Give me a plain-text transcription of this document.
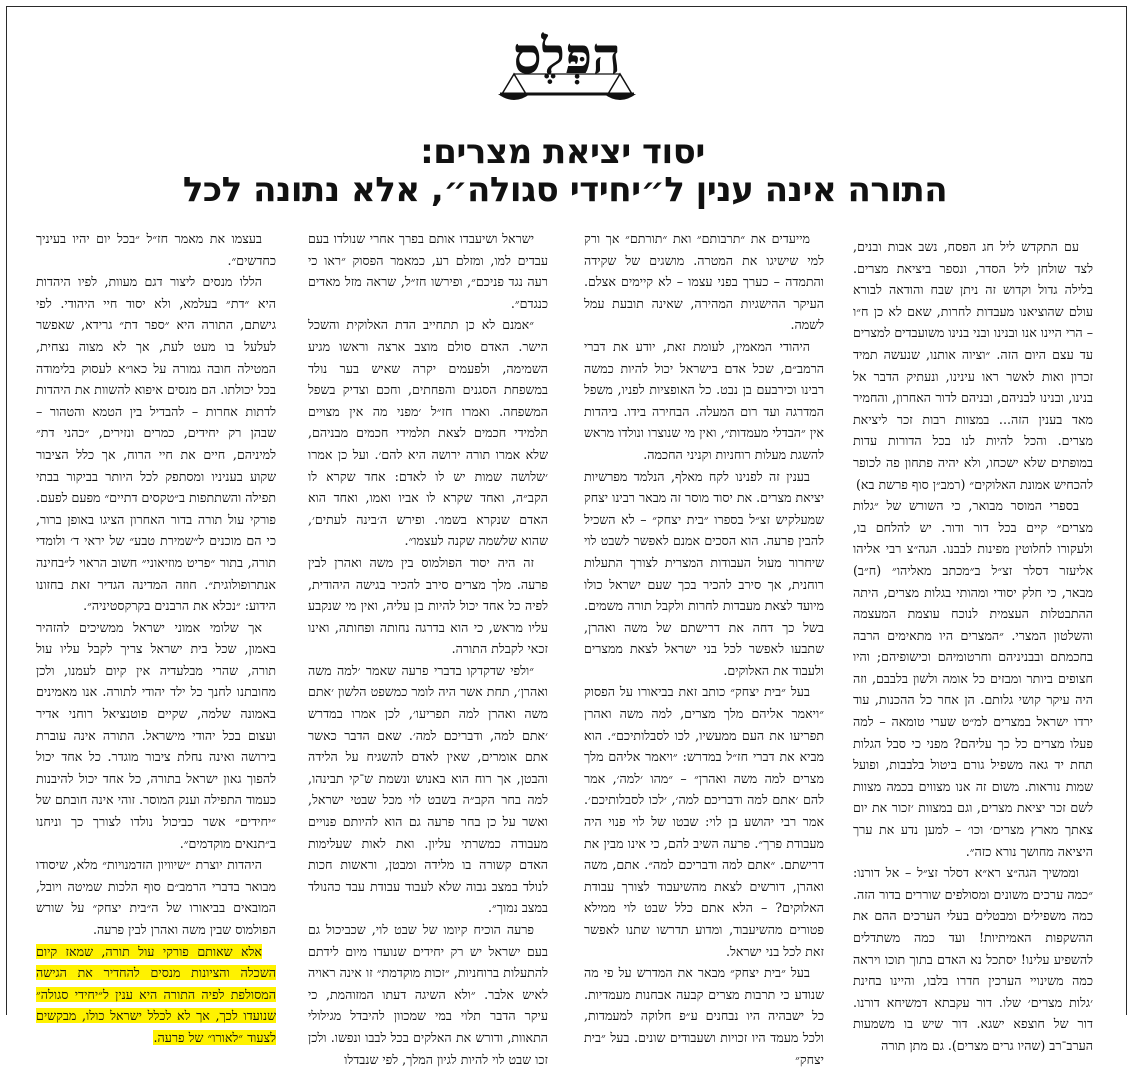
הפְּלֶס
יסוד יציאת מצרים:
התורה אינה ענין ל״יחידי סגולה״, אלא נתונה לכל

עם התקדש ליל חג הפסח, נשב אבות ובנים, לצד שולחן ליל הסדר, ונספר ביציאת מצרים. בלילה גדול וקדוש זה ניתן שבח והודאה לבורא עולם שהוציאנו מעבדות לחרות, שאם לא כן ח״ו – הרי היינו אנו ובנינו ובני בנינו משועבדים למצרים עד עצם היום הזה. ״וציוה אותנו, שנעשה תמיד זכרון ואות לאשר ראו עינינו, ונעתיק הדבר אל בנינו, ובנינו לבניהם, ובניהם לדור האחרון, והחמיר מאד בענין הזה... במצוות רבות זכר ליציאת מצרים. והכל להיות לנו בכל הדורות עדות במופתים שלא ישכחו, ולא יהיה פתחון פה לכופר להכחיש אמונת האלוקים״ (רמב״ן סוף פרשת בא)

בספרי המוסר מבואר, כי השורש של ״גלות מצרים״ קיים בכל דור ודור. יש להלחם בו, ולעקורו לחלוטין מפינות לבבנו. הגה״צ רבי אליהו אליעזר דסלר זצ״ל ב״מכתב מאליהו״ (ח״ב) מבאר, כי חלק יסודי ומהותי בגלות מצרים, היתה ההתבטלות העצמית לנוכח עוצמת המעצמה והשלטון המצרי. ״המצרים היו מתאימים הרבה בחכמתם ובבניניהם וחרטומיהם וכישופיהם; והיו חצופים ביותר ומבזים כל אומה ולשון בלבבם, וזה היה עיקר קושי גלותם. הן אחר כל ההכנות, עוד ירדו ישראל במצרים למ״ט שערי טומאה – למה פעלו מצרים כל כך עליהם? מפני כי סבל הגלות תחת יד גאה משפיל גורם ביטול בלבבות, ופועל שמות נוראות. משום זה אנו מצווים בכמה מצוות לשם זכר יציאת מצרים, וגם במצוות ׳זכור את יום צאתך מארץ מצרים׳ וכו׳ – למען נדע את ערך היציאה מחושך נורא כזה״.

וממשיך הגה״צ רא״א דסלר זצ״ל – אל דורנו: ״כמה ערכים משונים ומסולפים שוררים בדור הזה. כמה משפילים ומבטלים בעלי הערכים ההם את ההשקפות האמיתיות! ועד כמה משתדלים להשפיע עלינו! יסתכל נא האדם בתוך תוכו ויראה כמה משינויי הערכין חדרו בלבו, והיינו בחינת ׳גלות מצרים׳ שלו. דור עקבתא דמשיחא דורנו. דור של חוצפא ישגא. דור שיש בו משמעות הערב־רב (שהיו גרים מצרים). גם מתן תורה

מייעדים את ״תרבותם״ ואת ״תורתם״ אך ורק למי שישיגו את המטרה. מושגים של שקידה והתמדה – כערך בפני עצמו – לא קיימים אצלם. העיקר ההישגיות המהירה, שאינה תובעת עמל לשמה.

היהודי המאמין, לעומת זאת, יודע את דברי הרמב״ם, שכל אדם בישראל יכול להיות כמשה רבינו וכירבעם בן נבט. כל האופציות לפניו, משפל המדרגה ועד רום המעלה. הבחירה בידו. ביהדות אין ״הבדלי מעמדות״, ואין מי שנוצרו ונולדו מראש להשגת מעלות רוחניות וקניני החכמה.

בענין זה לפנינו לקח מאלף, הנלמד מפרשיות יציאת מצרים. את יסוד מוסר זה מבאר רבינו יצחק שמעלקיש זצ״ל בספרו ״בית יצחק״ – לא השכיל להבין פרעה. הוא הסכים אמנם לאפשר לשבט לוי שיחרור מעול העבודות המצרית לצורך התעלות רוחנית, אך סירב להכיר בכך שעם ישראל כולו מיועד לצאת מעבדות לחרות ולקבל תורה משמים. בשל כך דחה את דרישתם של משה ואהרן, שתבעו לאפשר לכל בני ישראל לצאת ממצרים ולעבוד את האלוקים.

בעל ״בית יצחק״ כותב זאת בביאורו על הפסוק ״ויאמר אליהם מלך מצרים, למה משה ואהרן תפריעו את העם ממעשיו, לכו לסבלותיכם״. הוא מביא את דברי חז״ל במדרש: ״ויאמר אליהם מלך מצרים למה משה ואהרן״ – ״מהו ׳למה׳, אמר להם ׳אתם למה ודבריכם למה׳, ׳לכו לסבלותיכם׳. אמר רבי יהושע בן לוי: שבטו של לוי פנוי היה מעבודת פרך״. פרעה השיב להם, כי אינו מבין את דרישתם. ״אתם למה ודבריכם למה״. אתם, משה ואהרן, דורשים לצאת מהשיעבוד לצורך עבודת האלוקים? – הלא אתם כלל שבט לוי ממילא פטורים מהשיעבוד, ומדוע תדרשו שתנו לאפשר זאת לכל בני ישראל.

בעל ״בית יצחק״ מבאר את המדרש על פי מה שנודע כי תרבות מצרים קבעה אבחנות מעמדיות. כל ישבהיה היו נבחנים ע״פ חלוקה למעמדות, ולכל מעמד היו זכויות ושעבודים שונים. בעל ״בית יצחק״

ישראל ושיעבדו אותם בפרך אחרי שנולדו בעם עבדים למו, ומזלם רע, כמאמר הפסוק ״ראו כי רעה נגד פניכם״, ופירשו חז״ל, שראה מזל מאדים כנגדם״.

״אמנם לא כן תתחייב הדת האלוקית והשכל הישר. האדם סולם מוצב ארצה וראשו מגיע השמימה, ולפעמים יקרה שאיש בער נולד במשפחת הסגנים והפחתים, וחכם וצדיק בשפל המשפחה. ואמרו חז״ל ׳מפני מה אין מצויים תלמידי חכמים לצאת תלמידי חכמים מבניהם, שלא אמרו תורה ירושה היא להם׳. ועל כן אמרו ׳שלושה שמות יש לו לאדם: אחד שקרא לו הקב״ה, ואחד שקרא לו אביו ואמו, ואחד הוא האדם שנקרא בשמו׳. ופירש ה׳בינה לעתים׳, שהוא שלשמה שקנה לעצמו״.

זה היה יסוד הפולמוס בין משה ואהרן לבין פרעה. מלך מצרים סירב להכיר בגישה היהודית, לפיה כל אחד יכול להיות בן עליה, ואין מי שנקבע עליו מראש, כי הוא בדרגה נחותה ופחותה, ואינו זכאי לקבלת התורה.

״ולפי שדקדקו בדברי פרעה שאמר ׳למה משה ואהרן׳, תחת אשר היה לומר כמשפט הלשון ׳אתם משה ואהרן למה תפריעו׳, לכן אמרו במדרש ׳אתם למה, ודבריכם למה׳. שאם הדבר כאשר אתם אומרים, שאין לאדם להשגיח על הלידה והבטן, אך רוח הוא באנוש ונשמת ש־קי תבינהו, למה בחר הקב״ה בשבט לוי מכל שבטי ישראל, ואשר על כן בחר פרעה גם הוא להיותם פנויים מעבודה כמשרתי עליון. ואת לאות שעלימות האדם קשורה בו מלידה ומבטן, וראשות חכות לנולד במצב גבוה שלא לעבוד עבודת עבד כהנולד במצב נמוך״.

פרעה הוכיח קיומו של שבט לוי, שכביכול גם בעם ישראל יש רק יחידים שנועדו מיום לידתם להתעלות ברוחניות, ״זכות מוקדמת״ זו אינה ראויה לאיש אלבר. ״ולא השיגה דעתו המזוהמת, כי עיקר הדבר תלוי במי שמכוון להיבדל מגילולי התאוות, ודורש את האלקים בכל לבבו ונפשו. ולכן זכו שבט לוי להיות לגיון המלך, לפי שנבדלו

בעצמו את מאמר חז״ל ״בכל יום יהיו בעיניך כחדשים״.

הללו מנסים ליצור דגם מעוות, לפיו היהדות היא ״דת״ בעלמא, ולא יסוד חיי היהודי. לפי גישתם, התורה היא ״ספר דת״ גרידא, שאפשר לעלעל בו מעט לעת, אך לא מצוה נצחית, המטילה חובה גמורה על כאו״א לעסוק בלימודה בכל יכולתו. הם מנסים איפוא להשוות את היהדות לדתות אחרות – להבדיל בין הטמא והטהור – שבהן רק יחידים, כמרים ונזירים, ״כהני דת״ למיניהם, חיים את חיי הרוח, אך כלל הציבור שקוע בעניניו ומסתפק לכל היותר בביקור בבתי תפילה והשתתפות ב״טקסים דתיים״ מפעם לפעם. פורקי עול תורה בדור האחרון הציגו באופן ברור, כי הם מוכנים ל״שמירת טבע״ של יראי ד׳ ולומדי תורה, בתור ״פריט מוזיאוני״ חשוב הראוי ל״בחינה אנתרופולוגית״. חוזה המדינה הגדיר זאת בחזונו הידוע: ״נכלא את הרבנים בקרקסטיניה״.

אך שלומי אמוני ישראל ממשיכים להזהיר באמון, שכל בית ישראל צריך לקבל עליו עול תורה, שהרי מבלעדיה אין קיום לעמנו, ולכן מחובתנו לחנך כל ילד יהודי לתורה. אנו מאמינים באמונה שלמה, שקיים פוטנציאל רוחני אדיר ועצום בכל יהודי מישראל. התורה אינה עוברת בירושה ואינה נחלת ציבור מוגדר. כל אחד יכול להפוך גאון ישראל בתורה, כל אחד יכול להיבנות כעמוד התפילה וענק המוסר. זוהי אינה חובתם של ״יחידים״ אשר כביכול נולדו לצורך כך וניחנו ב״תנאים מוקדמים״.

היהדות יוצרת ״שיוויון הזדמנויות״ מלא, שיסודו מבואר בדברי הרמב״ם סוף הלכות שמיטה ויובל, המובאים בביאורו של ה״בית יצחק״ על שורש הפולמוס שבין משה ואהרן לבין פרעה.

אלא שאותם פורקי עול תורה, שמאז קיום השכלה והציונות מנסים להחדיר את הגישה המסולפת לפיה התורה היא ענין ל״יחידי סגולה״ שנועדו לכך, אך לא לכלל ישראל כולו, מבקשים לצעוד ״לאורו״ של פרעה.
